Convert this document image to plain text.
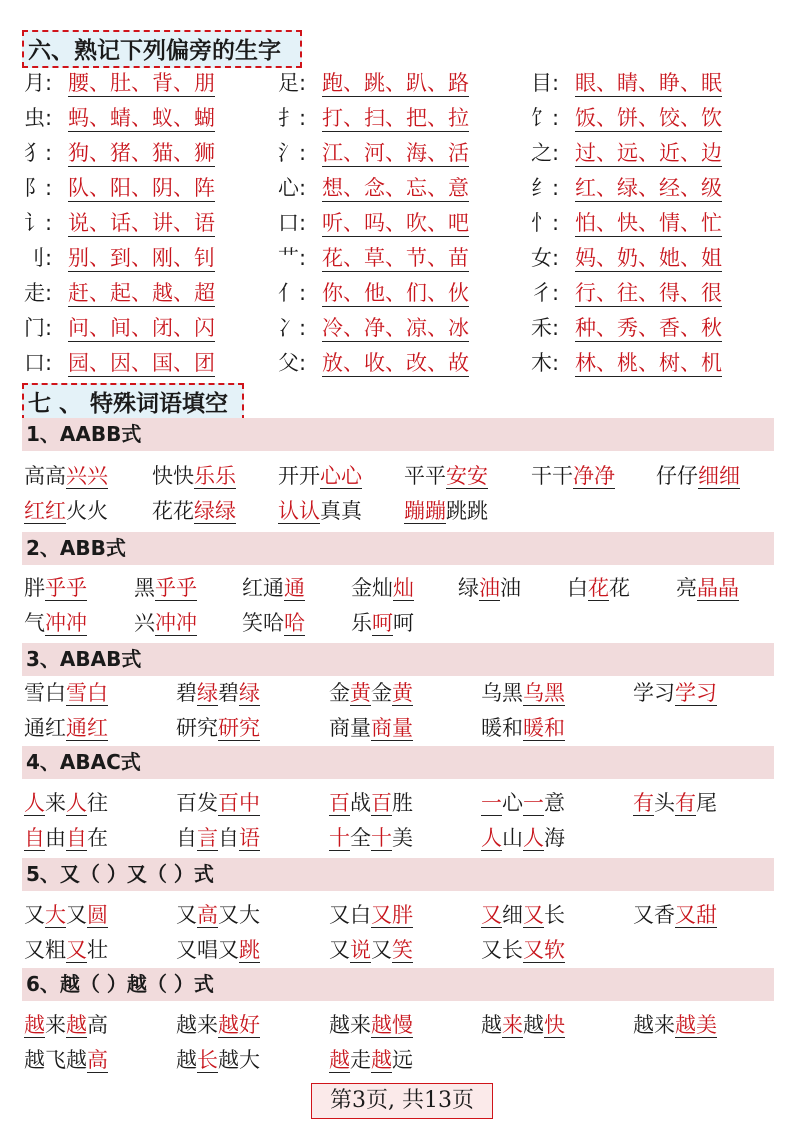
六、熟记下列偏旁的生字
月: 腰、肚、背、朋	足: 跑、跳、趴、路	目: 眼、睛、睁、眠
虫: 蚂、蜻、蚁、蝴	扌: 打、扫、把、拉	饣: 饭、饼、饺、饮
犭: 狗、猪、猫、狮	氵: 江、河、海、活	之: 过、远、近、边
阝: 队、阳、阴、阵	心: 想、念、忘、意	纟: 红、绿、经、级
讠: 说、话、讲、语	口: 听、吗、吹、吧	忄: 怕、快、情、忙
刂: 别、到、刚、钊	艹: 花、草、节、苗	女: 妈、奶、她、姐
走: 赶、起、越、超	亻: 你、他、们、伙	彳: 行、往、得、很
门: 问、间、闭、闪	冫: 冷、净、凉、冰	禾: 种、秀、香、秋
口: 园、因、国、团	父: 放、收、改、故	木: 林、桃、树、机
七 、 特殊词语填空
1、AABB式
高高兴兴 快快乐乐 开开心心 平平安安 干干净净 仔仔细细
红红火火 花花绿绿 认认真真 蹦蹦跳跳
2、ABB式
胖乎乎 黑乎乎 红通通 金灿灿 绿油油 白花花 亮晶晶
气冲冲 兴冲冲 笑哈哈 乐呵呵
3、ABAB式
雪白雪白	碧绿碧绿	金黄金黄	乌黑乌黑	学习学习
通红通红	研究研究	商量商量	暖和暖和
4、ABAC式
人来人往	百发百中	百战百胜	一心一意	有头有尾
自由自在	自言自语	十全十美	人山人海
5、又（ ）又（ ）式
又大又圆	又高又大	又白又胖	又细又长	又香又甜
又粗又壮	又唱又跳	又说又笑	又长又软
6、越（ ）越（ ）式
越来越高	越来越好	越来越慢	越来越快	越来越美
越飞越高	越长越大	越走越远
第3页, 共13页
